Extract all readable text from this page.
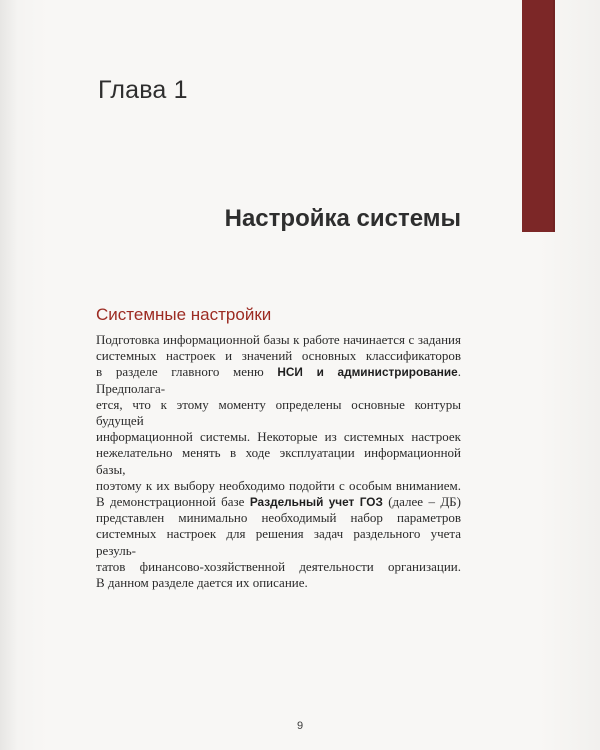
Глава 1
Настройка системы
Системные настройки
Подготовка информационной базы к работе начинается с задания
системных настроек и значений основных классификаторов
в разделе главного меню НСИ и администрирование. Предполага-
ется, что к этому моменту определены основные контуры будущей
информационной системы. Некоторые из системных настроек
нежелательно менять в ходе эксплуатации информационной базы,
поэтому к их выбору необходимо подойти с особым вниманием.
В демонстрационной базе Раздельный учет ГОЗ (далее – ДБ)
представлен минимально необходимый набор параметров
системных настроек для решения задач раздельного учета резуль-
татов финансово-хозяйственной деятельности организации.
В данном разделе дается их описание.

9
